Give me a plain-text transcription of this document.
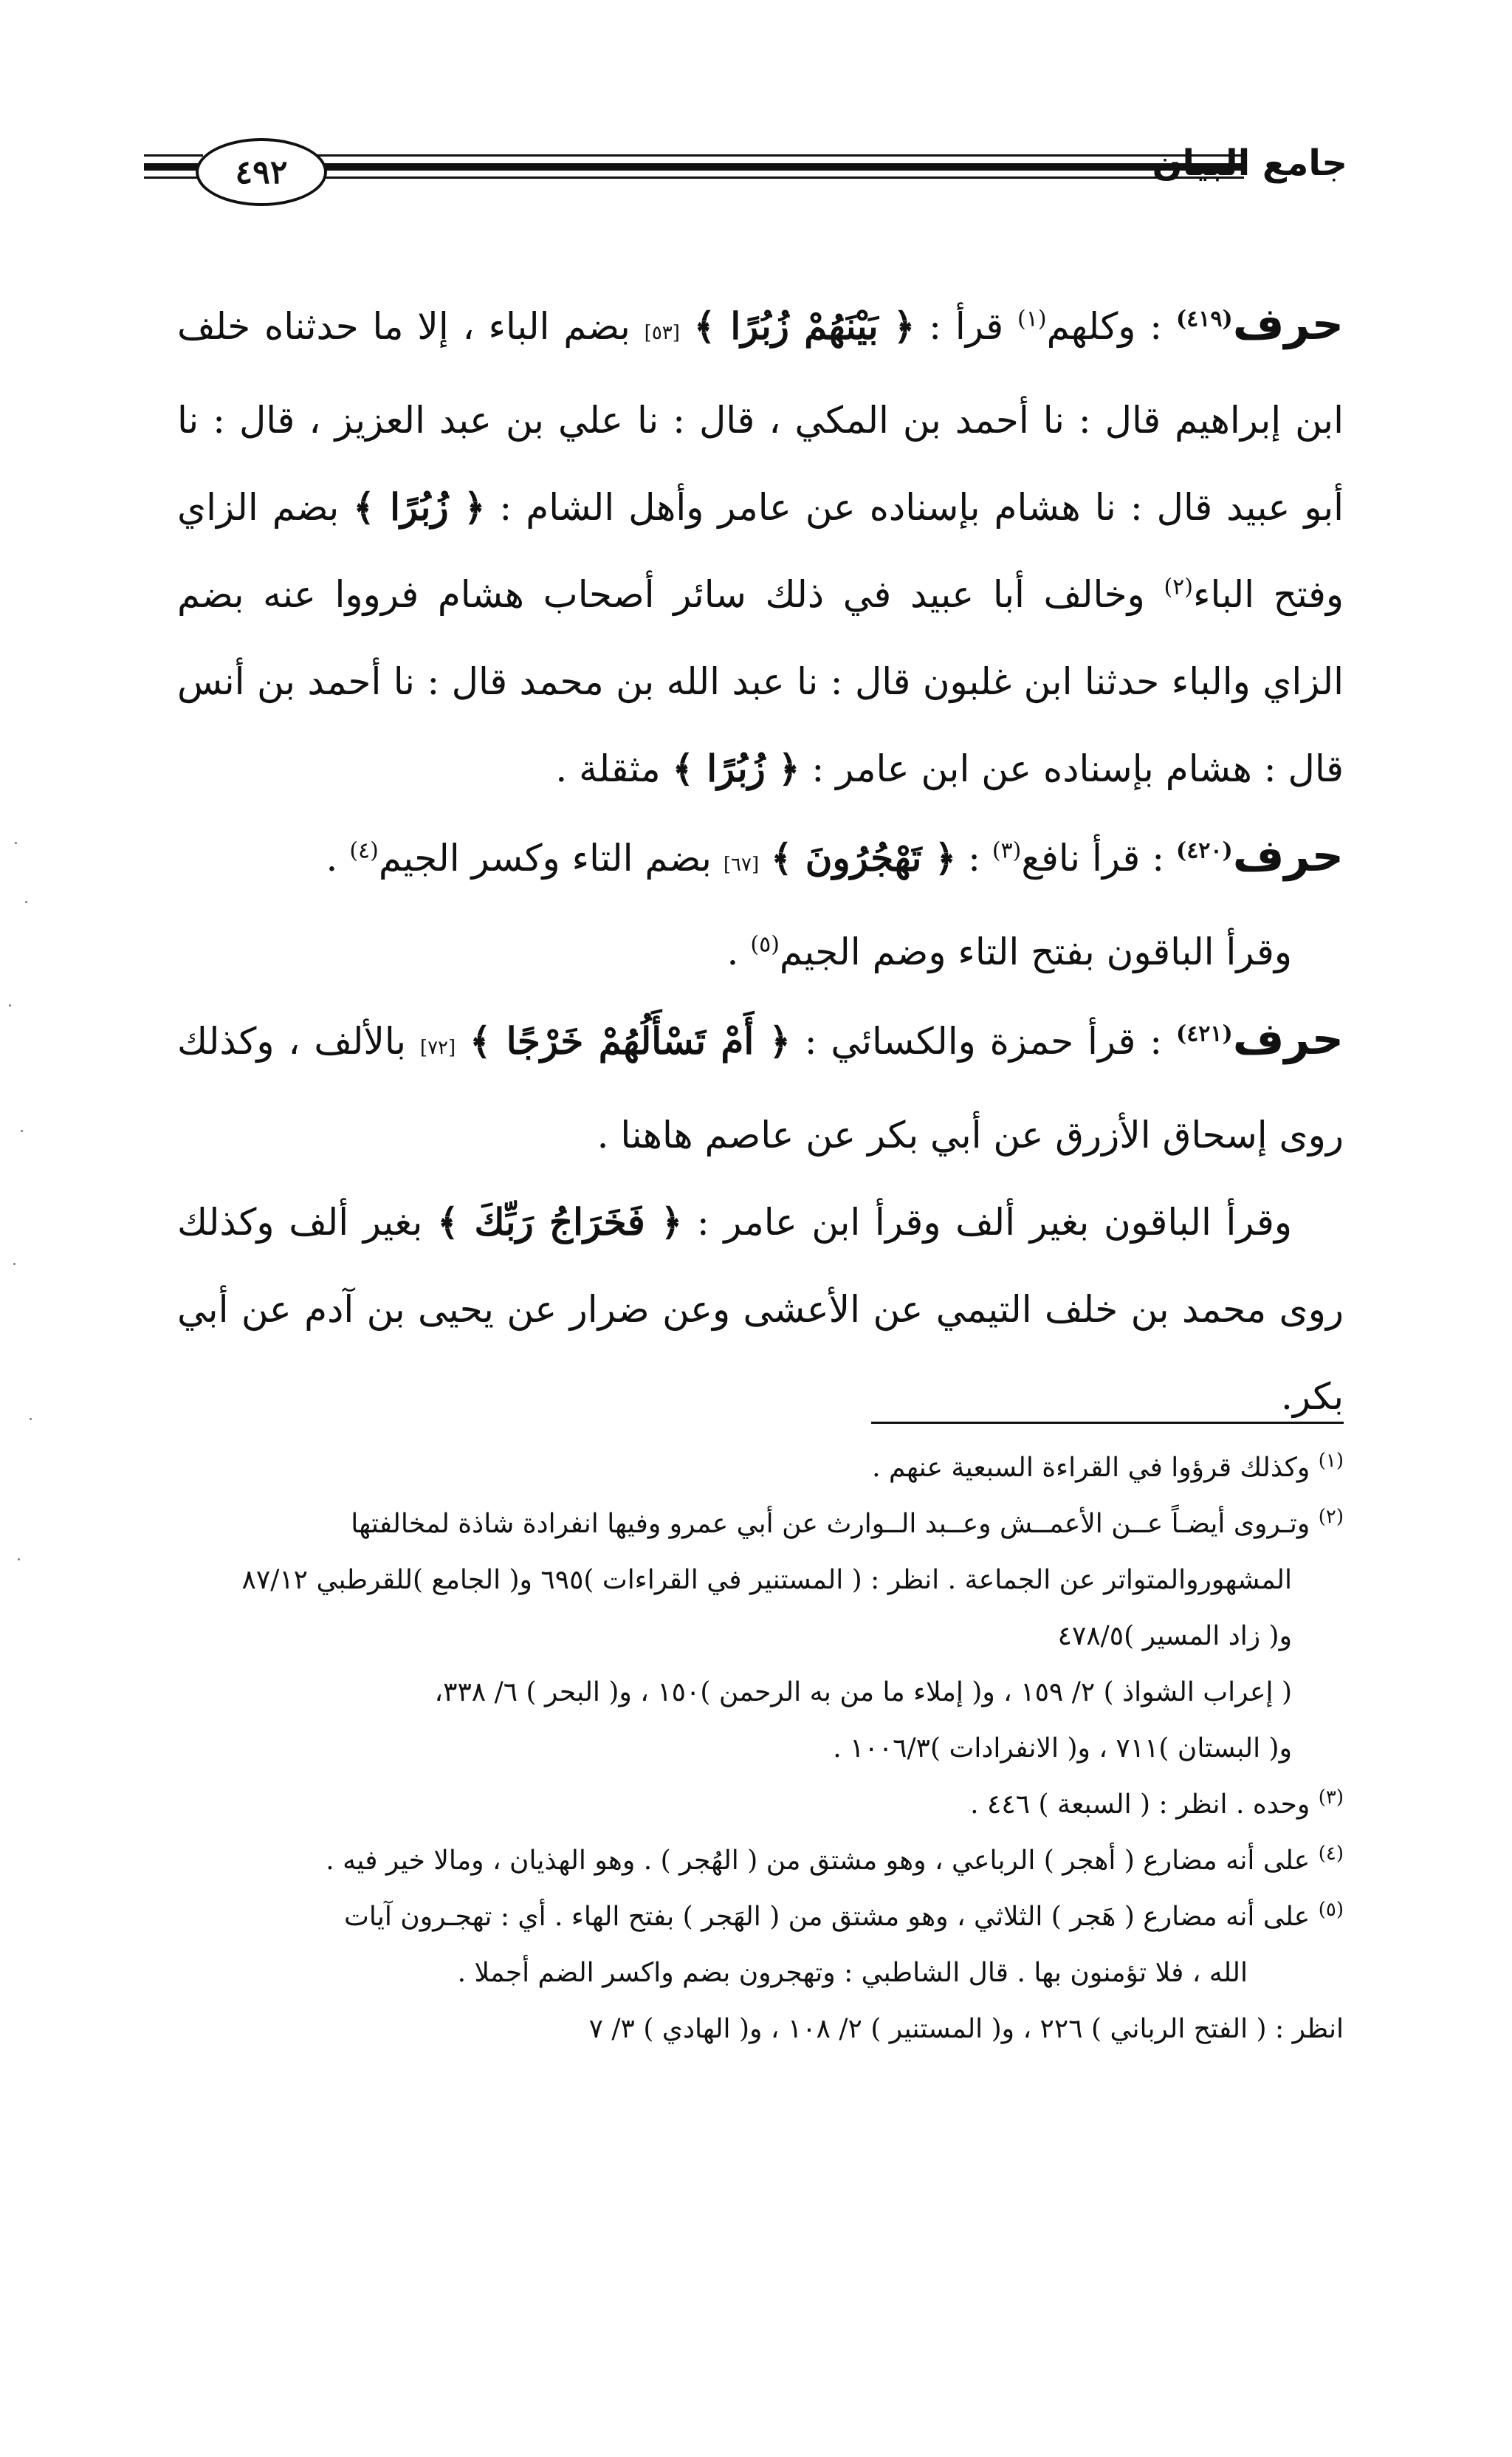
٤٩٢	جامع البيان

حرف$^{(٤١٩)}$ : وكلهم$^{(١)}$ قرأ : ﴿ بَيْنَهُمْ زُبُرًا ﴾ [٥٣] بضم الباء ، إلا ما حدثناه خلف ابن إبراهيم قال : نا أحمد بن المكي ، قال : نا علي بن عبد العزيز ، قال : نا أبو عبيد قال : نا هشام بإسناده عن عامر وأهل الشام : ﴿ زُبُرًا ﴾ بضم الزاي وفتح الباء$^{(٢)}$ وخالف أبا عبيد في ذلك سائر أصحاب هشام فرووا عنه بضم الزاي والباء حدثنا ابن غلبون قال : نا عبد الله بن محمد قال : نا أحمد بن أنس قال : هشام بإسناده عن ابن عامر : ﴿ زُبُرًا ﴾ مثقلة .

حرف$^{(٤٢٠)}$ : قرأ نافع$^{(٣)}$ : ﴿ تَهْجُرُونَ ﴾ [٦٧] بضم التاء وكسر الجيم$^{(٤)}$ .

وقرأ الباقون بفتح التاء وضم الجيم$^{(٥)}$ .

حرف$^{(٤٢١)}$ : قرأ حمزة والكسائي : ﴿ أَمْ تَسْأَلُهُمْ خَرْجًا ﴾ [٧٢] بالألف ، وكذلك روى إسحاق الأزرق عن أبي بكر عن عاصم هاهنا .

وقرأ الباقون بغير ألف وقرأ ابن عامر : ﴿ فَخَرَاجُ رَبِّكَ ﴾ بغير ألف وكذلك روى محمد بن خلف التيمي عن الأعشى وعن ضرار عن يحيى بن آدم عن أبي بكر.

$^{(١)}$ وكذلك قرؤوا في القراءة السبعية عنهم .

$^{(٢)}$ وتـروى أيضـاً عــن الأعمــش وعــبد الــوارث عن أبي عمرو وفيها انفرادة شاذة لمخالفتها

المشهوروالمتواتر عن الجماعة . انظر : ( المستنير في القراءات )٦٩٥ و( الجامع )للقرطبي ٨٧/١٢

و( زاد المسير )٤٧٨/٥

( إعراب الشواذ ) ٢/ ١٥٩ ، و( إملاء ما من به الرحمن )١٥٠ ، و( البحر ) ٦/ ٣٣٨،

و( البستان )٧١١ ، و( الانفرادات )١٠٠٦/٣ .

$^{(٣)}$ وحده . انظر : ( السبعة ) ٤٤٦ .

$^{(٤)}$ على أنه مضارع ( أهجر ) الرباعي ، وهو مشتق من ( الهُجر ) . وهو الهذيان ، ومالا خير فيه .

$^{(٥)}$ على أنه مضارع ( هَجر ) الثلاثي ، وهو مشتق من ( الهَجر ) بفتح الهاء . أي : تهجـرون آيات

الله ، فلا تؤمنون بها . قال الشاطبي : وتهجرون بضم واكسر الضم أجملا .

انظر : ( الفتح الرباني ) ٢٢٦ ، و( المستنير ) ٢/ ١٠٨ ، و( الهادي ) ٣/ ٧
